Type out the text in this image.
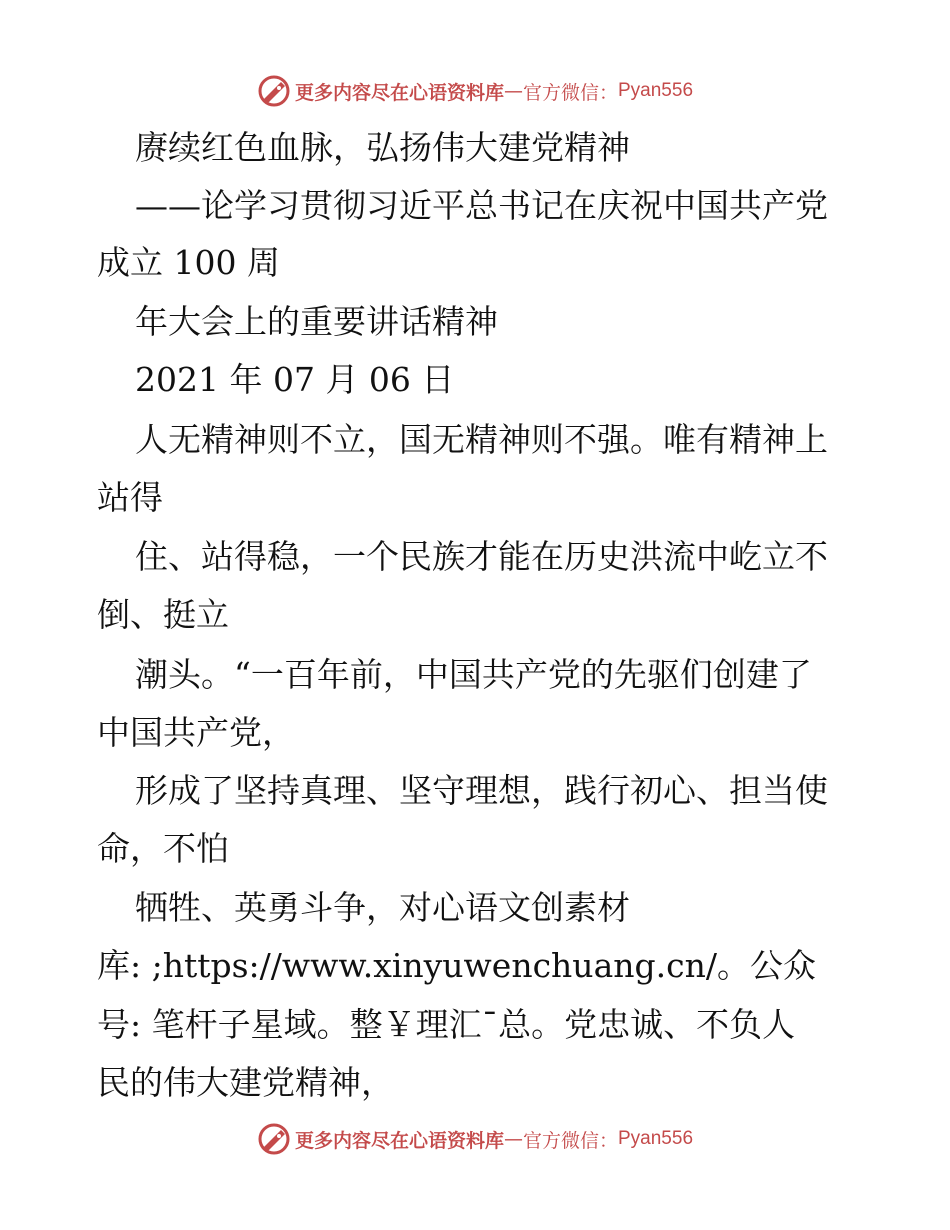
更多内容尽在心语资料库 — 官方微信： Pyan556
赓续红色血脉，弘扬伟大建党精神
——论学习贯彻习近平总书记在庆祝中国共产党
成立 100 周
年大会上的重要讲话精神
2021 年 07 月 06 日
人无精神则不立，国无精神则不强。唯有精神上
站得
住、站得稳，一个民族才能在历史洪流中屹立不
倒、挺立
潮头。“一百年前，中国共产党的先驱们创建了
中国共产党，
形成了坚持真理、坚守理想，践行初心、担当使
命，不怕
牺牲、英勇斗争，对心语文创素材
库: ;https://www.xinyuwenchuang.cn/。公众
号: 笔杆子星域。整￥理汇¯总。党忠诚、不负人
民的伟大建党精神，
更多内容尽在心语资料库 — 官方微信： Pyan556
